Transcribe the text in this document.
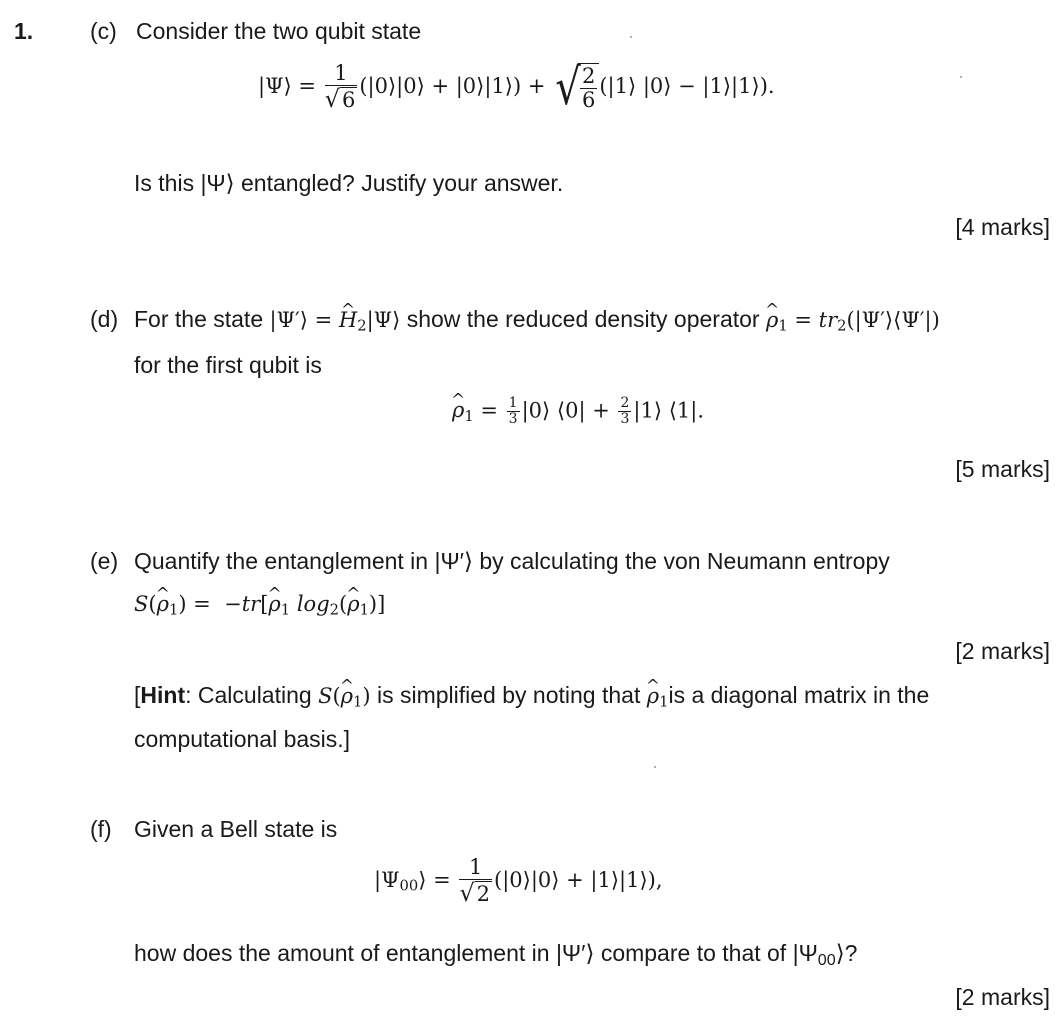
1. (c) Consider the two qubit state
|Ψ⟩ = $\frac{1}{√6}$ (|0⟩|0⟩ + |0⟩|1⟩) + √ $\frac{2}{6}$ (|1⟩ |0⟩ − |1⟩|1⟩).
Is this |Ψ⟩ entangled? Justify your answer.
[4 marks]
(d) For the state |Ψ′⟩ = ^ $H_2|\Psi⟩$ show the reduced density operator ^ $\rho_1$ = $tr_2(|\Psi'⟩⟨\Psi'|)$
for the first qubit is
^ $\rho_1 = \frac{1}{3}$ |0⟩ ⟨0| + $\frac{2}{3}$ |1⟩ ⟨1|.
[5 marks]
(e) Quantify the entanglement in |Ψ′⟩ by calculating the von Neumann entropy
S(^ $\rho_1$) =  −tr[^ $\rho_1$ $\log_2(\^{}$ $\rho_1$)]
[2 marks]
[Hint: Calculating S(^ $\rho_1$) is simplified by noting that ^ $\rho_1is$ a diagonal matrix in the
computational basis.]
(f) Given a Bell state is
$|\Psi_{00}⟩ = \frac{1}{√2}$ (|0⟩|0⟩ + |1⟩|1⟩),
how does the amount of entanglement in |Ψ′⟩ compare to that of $|\Psi_{00}⟩$?
[2 marks]
